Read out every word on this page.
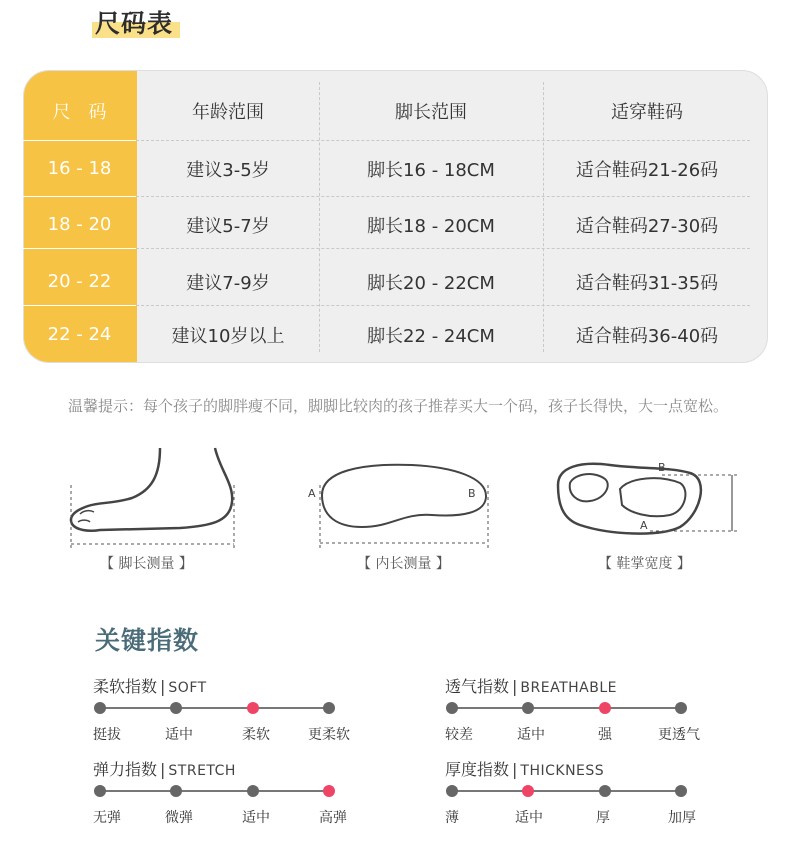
尺码表
尺　码	年龄范围	脚长范围	适穿鞋码
16 - 18	建议3-5岁	脚长16 - 18CM	适合鞋码21-26码
18 - 20	建议5-7岁	脚长18 - 20CM	适合鞋码27-30码
20 - 22	建议7-9岁	脚长20 - 22CM	适合鞋码31-35码
22 - 24	建议10岁以上	脚长22 - 24CM	适合鞋码36-40码
温馨提示：每个孩子的脚胖瘦不同，脚脚比较肉的孩子推荐买大一个码，孩子长得快，大一点宽松。
【 脚长测量 】
A	B
【 内长测量 】
B
A
【 鞋掌宽度 】
关键指数
柔软指数 | SOFT
挺拔	适中	柔软	更柔软
透气指数 | BREATHABLE
较差	适中	强	更透气
弹力指数 | STRETCH
无弹	微弹	适中	高弹
厚度指数 | THICKNESS
薄	适中	厚	加厚
